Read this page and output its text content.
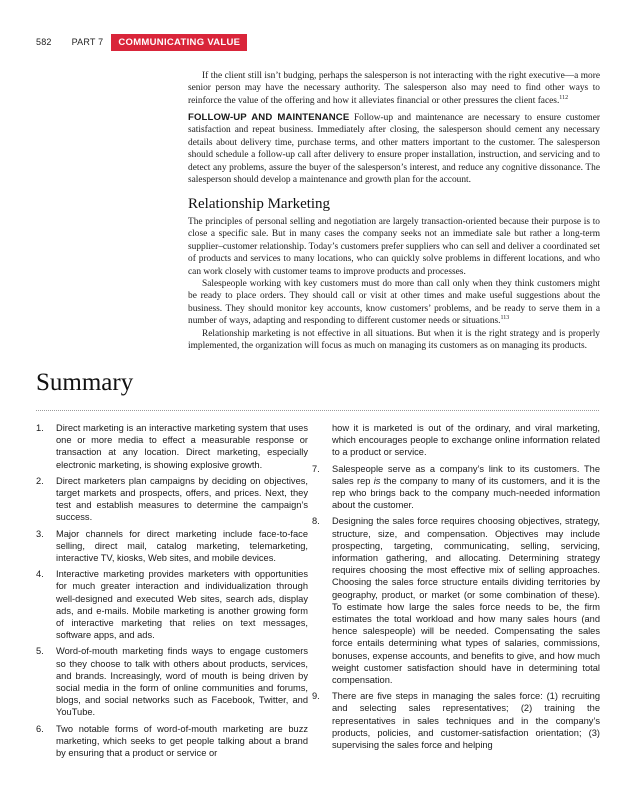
582 PART 7	COMMUNICATING VALUE

If the client still isn’t budging, perhaps the salesperson is not interacting with the right executive—a more senior person may have the necessary authority. The salesperson also may need to find other ways to reinforce the value of the offering and how it alleviates financial or other pressures the client faces.$^{112}$

FOLLOW-UP AND MAINTENANCE Follow-up and maintenance are necessary to ensure customer satisfaction and repeat business. Immediately after closing, the salesperson should cement any necessary details about delivery time, purchase terms, and other matters important to the customer. The salesperson should schedule a follow-up call after delivery to ensure proper installation, instruction, and servicing and to detect any problems, assure the buyer of the salesperson’s interest, and reduce any cognitive dissonance. The salesperson should develop a maintenance and growth plan for the account.

Relationship Marketing

The principles of personal selling and negotiation are largely transaction-oriented because their purpose is to close a specific sale. But in many cases the company seeks not an immediate sale but rather a long-term supplier–customer relationship. Today’s customers prefer suppliers who can sell and deliver a coordinated set of products and services to many locations, who can quickly solve problems in different locations, and who can work closely with customer teams to improve products and processes.

Salespeople working with key customers must do more than call only when they think customers might be ready to place orders. They should call or visit at other times and make useful suggestions about the business. They should monitor key accounts, know customers’ problems, and be ready to serve them in a number of ways, adapting and responding to different customer needs or situations.$^{113}$

Relationship marketing is not effective in all situations. But when it is the right strategy and is properly implemented, the organization will focus as much on managing its customers as on managing its products.

Summary
1. Direct marketing is an interactive marketing system that uses one or more media to effect a measurable response or transaction at any location. Direct marketing, especially electronic marketing, is showing explosive growth.
2. Direct marketers plan campaigns by deciding on objectives, target markets and prospects, offers, and prices. Next, they test and establish measures to determine the campaign’s success.
3. Major channels for direct marketing include face-to-face selling, direct mail, catalog marketing, telemarketing, interactive TV, kiosks, Web sites, and mobile devices.
4. Interactive marketing provides marketers with opportunities for much greater interaction and individualization through well-designed and executed Web sites, search ads, display ads, and e-mails. Mobile marketing is another growing form of interactive marketing that relies on text messages, software apps, and ads.
5. Word-of-mouth marketing finds ways to engage customers so they choose to talk with others about products, services, and brands. Increasingly, word of mouth is being driven by social media in the form of online communities and forums, blogs, and social networks such as Facebook, Twitter, and YouTube.
6. Two notable forms of word-of-mouth marketing are buzz marketing, which seeks to get people talking about a brand by ensuring that a product or service or
how it is marketed is out of the ordinary, and viral marketing, which encourages people to exchange online information related to a product or service.
7. Salespeople serve as a company’s link to its customers. The sales rep is the company to many of its customers, and it is the rep who brings back to the company much-needed information about the customer.
8. Designing the sales force requires choosing objectives, strategy, structure, size, and compensation. Objectives may include prospecting, targeting, communicating, selling, servicing, information gathering, and allocating. Determining strategy requires choosing the most effective mix of selling approaches. Choosing the sales force structure entails dividing territories by geography, product, or market (or some combination of these). To estimate how large the sales force needs to be, the firm estimates the total workload and how many sales hours (and hence salespeople) will be needed. Compensating the sales force entails determining what types of salaries, commissions, bonuses, expense accounts, and benefits to give, and how much weight customer satisfaction should have in determining total compensation.
9. There are five steps in managing the sales force: (1) recruiting and selecting sales representatives; (2) training the representatives in sales techniques and in the company’s products, policies, and customer-satisfaction orientation; (3) supervising the sales force and helping
